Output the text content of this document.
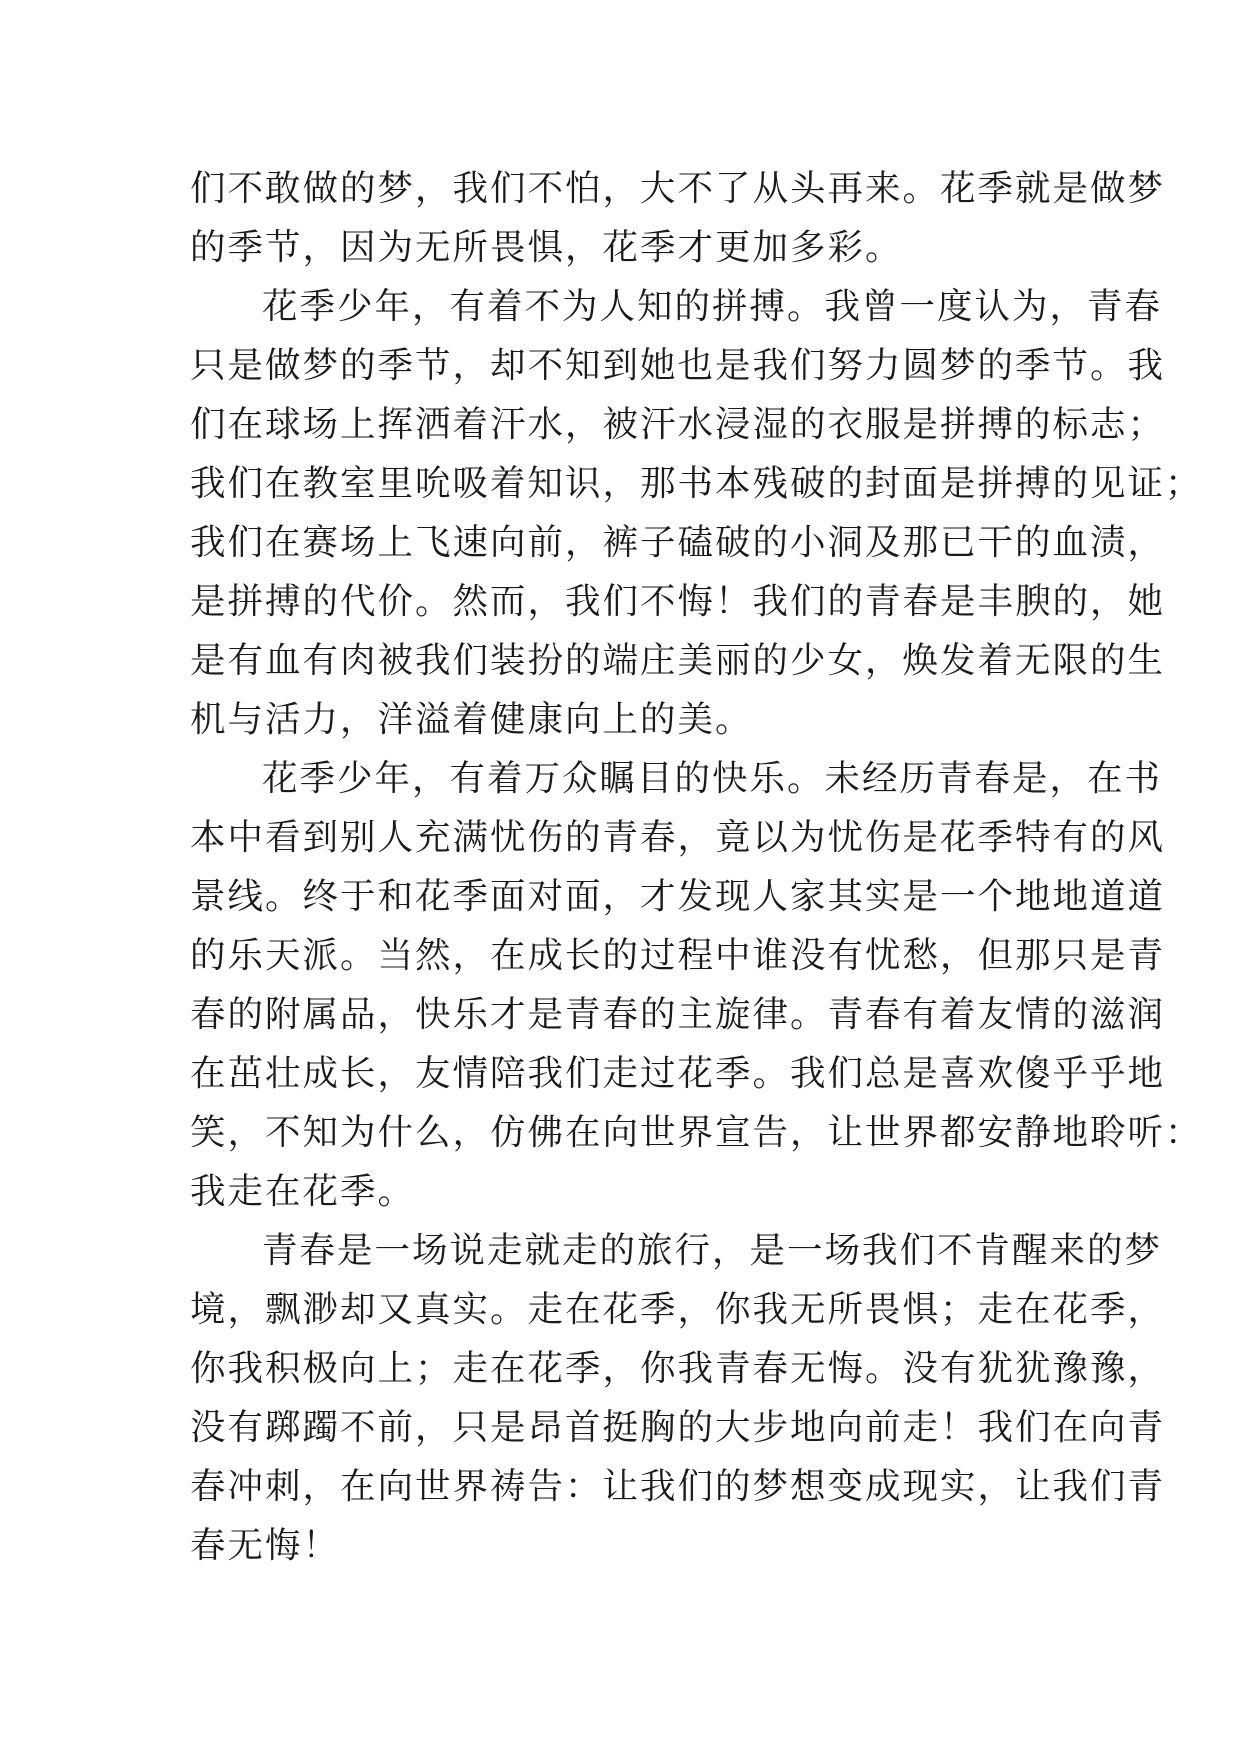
们不敢做的梦，我们不怕，大不了从头再来。花季就是做梦
的季节，因为无所畏惧，花季才更加多彩。
花季少年，有着不为人知的拼搏。我曾一度认为，青春
只是做梦的季节，却不知到她也是我们努力圆梦的季节。我
们在球场上挥洒着汗水，被汗水浸湿的衣服是拼搏的标志；
我们在教室里吮吸着知识，那书本残破的封面是拼搏的见证；
我们在赛场上飞速向前，裤子磕破的小洞及那已干的血渍，
是拼搏的代价。然而，我们不悔！我们的青春是丰腴的，她
是有血有肉被我们装扮的端庄美丽的少女，焕发着无限的生
机与活力，洋溢着健康向上的美。
花季少年，有着万众瞩目的快乐。未经历青春是，在书
本中看到别人充满忧伤的青春，竟以为忧伤是花季特有的风
景线。终于和花季面对面，才发现人家其实是一个地地道道
的乐天派。当然，在成长的过程中谁没有忧愁，但那只是青
春的附属品，快乐才是青春的主旋律。青春有着友情的滋润
在茁壮成长，友情陪我们走过花季。我们总是喜欢傻乎乎地
笑，不知为什么，仿佛在向世界宣告，让世界都安静地聆听：
我走在花季。
青春是一场说走就走的旅行，是一场我们不肯醒来的梦
境，飘渺却又真实。走在花季，你我无所畏惧；走在花季，
你我积极向上；走在花季，你我青春无悔。没有犹犹豫豫，
没有踯躅不前，只是昂首挺胸的大步地向前走！我们在向青
春冲刺，在向世界祷告：让我们的梦想变成现实，让我们青
春无悔！
